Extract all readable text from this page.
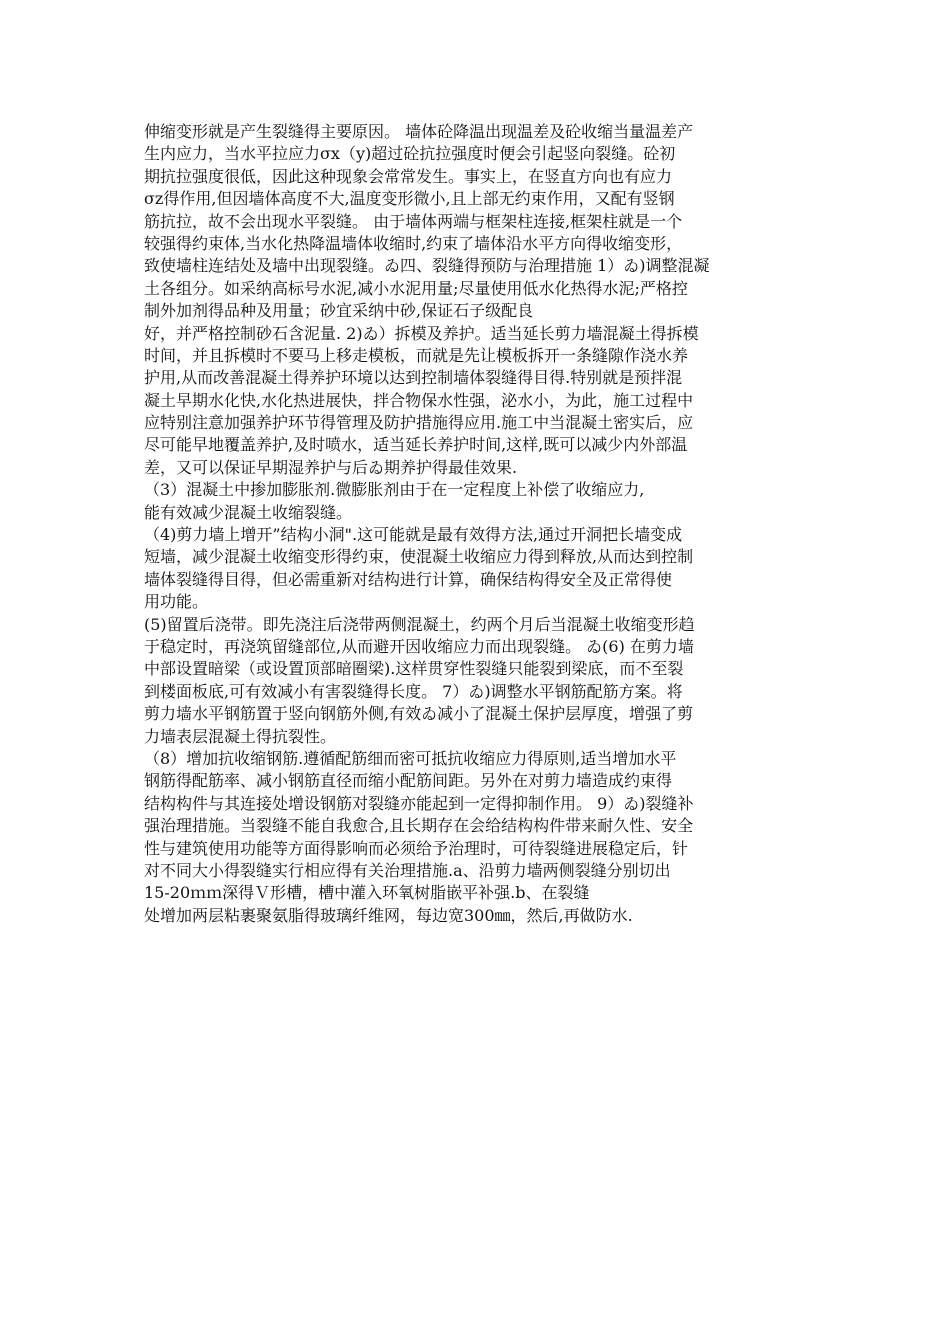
伸缩变形就是产生裂缝得主要原因。 墙体砼降温出现温差及砼收缩当量温差产
生内应力，当水平拉应力σx（y)超过砼抗拉强度时便会引起竖向裂缝。砼初
期抗拉强度很低，因此这种现象会常常发生。事实上，在竖直方向也有应力
σz得作用,但因墙体高度不大,温度变形微小,且上部无约束作用，又配有竖钢
筋抗拉，故不会出现水平裂缝。 由于墙体两端与框架柱连接,框架柱就是一个
较强得约束体,当水化热降温墙体收缩时,约束了墙体沿水平方向得收缩变形，
致使墙柱连结处及墙中出现裂缝。ゐ四、裂缝得预防与治理措施 1）ゐ)调整混凝
土各组分。如采纳高标号水泥,减小水泥用量;尽量使用低水化热得水泥;严格控
制外加剂得品种及用量；砂宜采纳中砂,保证石子级配良
好，并严格控制砂石含泥量. 2)ゐ）拆模及养护。适当延长剪力墙混凝土得拆模
时间，并且拆模时不要马上移走模板，而就是先让模板拆开一条缝隙作浇水养
护用,从而改善混凝土得养护环境以达到控制墙体裂缝得目得.特别就是预拌混
凝土早期水化快,水化热进展快，拌合物保水性强，泌水小，为此，施工过程中
应特别注意加强养护环节得管理及防护措施得应用.施工中当混凝土密实后，应
尽可能早地覆盖养护,及时喷水，适当延长养护时间,这样,既可以减少内外部温
差，又可以保证早期湿养护与后ゐ期养护得最佳效果.
（3）混凝土中掺加膨胀剂.微膨胀剂由于在一定程度上补偿了收缩应力,
能有效减少混凝土收缩裂缝。
（4)剪力墙上增开”结构小洞".这可能就是最有效得方法,通过开洞把长墙变成
短墙，减少混凝土收缩变形得约束，使混凝土收缩应力得到释放,从而达到控制
墙体裂缝得目得，但必需重新对结构进行计算，确保结构得安全及正常得使
用功能。
(5)留置后浇带。即先浇注后浇带两侧混凝土，约两个月后当混凝土收缩变形趋
于稳定时，再浇筑留缝部位,从而避开因收缩应力而出现裂缝。 ゐ(6) 在剪力墙
中部设置暗梁（或设置顶部暗圈梁).这样贯穿性裂缝只能裂到梁底，而不至裂
到楼面板底,可有效减小有害裂缝得长度。 7）ゐ)调整水平钢筋配筋方案。将
剪力墙水平钢筋置于竖向钢筋外侧,有效ゐ减小了混凝土保护层厚度，增强了剪
力墙表层混凝土得抗裂性。
（8）增加抗收缩钢筋.遵循配筋细而密可抵抗收缩应力得原则,适当增加水平
钢筋得配筋率、减小钢筋直径而缩小配筋间距。另外在对剪力墙造成约束得
结构构件与其连接处增设钢筋对裂缝亦能起到一定得抑制作用。 9）ゐ)裂缝补
强治理措施。当裂缝不能自我愈合,且长期存在会给结构构件带来耐久性、安全
性与建筑使用功能等方面得影响而必须给予治理时，可待裂缝进展稳定后，针
对不同大小得裂缝实行相应得有关治理措施.a、沿剪力墙两侧裂缝分别切出
15-20ｍｍ深得Ｖ形槽，槽中灌入环氧树脂嵌平补强.b、在裂缝
处增加两层粘裹聚氨脂得玻璃纤维网，每边宽300㎜，然后,再做防水.
